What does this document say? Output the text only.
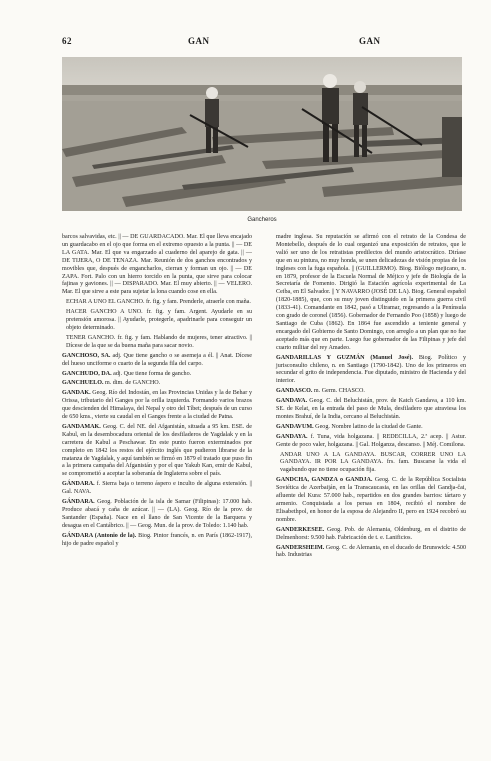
62	GAN	GAN
Gancheros

barcos salvavidas, etc. || — DE GUARDACADO. Mar. El que lleva encajado un guardacabo en el ojo que forma en el extremo opuesto a la punta. || — DE LA GATA. Mar. El que va engarzado al cuaderno del aparejo de gata. || — DE TIJERA, O DE TENAZA. Mar. Reunión de dos ganchos encontrados y movibles que, después de engancharlos, cierran y forman un ojo. || — DE ZAPA. Fort. Palo con un hierro torcido en la punta, que sirve para colocar fajinas y gaviones. || — DISPARADO. Mar. El muy abierto. || — VELERO. Mar. El que sirve a este para sujetar la lona cuando cose en ella.

ECHAR A UNO EL GANCHO. fr. fig. y fam. Prenderle, atraerle con maña.

HACER GANCHO A UNO. fr. fig. y fam. Argent. Ayudarle en su pretensión amorosa. || Ayudarle, protegerle, apadrinarle para conseguir un objeto determinado.

TENER GANCHO. fr. fig. y fam. Hablando de mujeres, tener atractivo. || Dícese de la que se da buena maña para sacar novio.

GANCHOSO, SA. adj. Que tiene gancho o se asemeja a él. || Anat. Dícese del hueso unciforme o cuarto de la segunda fila del carpo.

GANCHUDO, DA. adj. Que tiene forma de gancho.

GANCHUELO. m. dim. de GANCHO.

GANDAK. Geog. Río del Indostán, en las Provincias Unidas y la de Behar y Orissa, tributario del Ganges por la orilla izquierda. Formando varios brazos que descienden del Himalaya, del Nepal y otro del Tíbet; después de un curso de 650 kms., vierte su caudal en el Ganges frente a la ciudad de Patna.

GANDAMAK. Geog. C. del NE. del Afganistán, situada a 95 km. ESE. de Kabul, en la desembocadura oriental de los desfiladeros de Yagdalak y en la carretera de Kabul a Peschawar. En este punto fueron exterminados por completo en 1842 los restos del ejército inglés que pudieron librarse de la matanza de Yagdalak, y aquí también se firmó en 1879 el tratado que puso fin a la primera campaña del Afganistán y por el que Yakub Kan, emir de Kabul, se comprometió a aceptar la soberanía de Inglaterra sobre el país.

GÁNDARA. f. Sierra baja o terreno áspero e inculto de alguna extensión. || Gal. NAVA.

GÁNDARA. Geog. Población de la isla de Samar (Filipinas): 17.000 hab. Produce abacá y caña de azúcar. || — (LA). Geog. Río de la prov. de Santander (España). Nace en el llano de San Vicente de la Barquera y desagua en el Cantábrico. || — Geog. Mun. de la prov. de Toledo: 1.140 hab.

GÁNDARA (Antonio de la). Biog. Pintor francés, n. en París (1862-1917), hijo de padre español y

madre inglesa. Su reputación se afirmó con el retrato de la Condesa de Montebello, después de lo cual organizó una exposición de retratos, que le valió ser uno de los retratistas predilectos del mundo aristocrático. Diríase que en su pintura, no muy honda, se unen delicadezas de visión propias de los ingleses con la fuga española. || (GUILLERMO). Biog. Biólogo mejicano, n. en 1879, profesor de la Escuela Normal de Méjico y jefe de Biología de la Secretaría de Fomento. Dirigió la Estación agrícola experimental de La Ceiba, en El Salvador. || Y NAVARRO (JOSÉ DE LA). Biog. General español (1820-1885), que, con su muy joven distinguido en la primera guerra civil (1833-41). Comandante en 1842, pasó a Ultramar, regresando a la Península con grado de coronel (1856). Gobernador de Fernando Poo (1858) y luego de Santiago de Cuba (1862). En 1864 fue ascendido a teniente general y encargado del Gobierno de Santo Domingo, con arreglo a un plan que no fue aceptado más que en parte. Luego fue gobernador de las Filipinas y jefe del cuarto militar del rey Amadeo.

GANDARILLAS Y GUZMÁN (Manuel José). Biog. Político y jurisconsulto chileno, n. en Santiago (1790-1842). Uno de los primeros en secundar el grito de independencia. Fue diputado, ministro de Hacienda y del interior.

GANDASCO. m. Germ. CHASCO.

GANDAVA. Geog. C. del Beluchistán, prov. de Katch Gandava, a 110 km. SE. de Kelat, en la entrada del paso de Mula, desfiladero que atraviesa los montes Brahuí, de la India, cercano al Beluchistán.

GANDAVUM. Geog. Nombre latino de la ciudad de Gante.

GANDAYA. f. Tuna, vida holgazana. || REDECILLA, 2.ª acep. || Astur. Gente de poco valer, holgazana. || Gal. Holganza, descanso. || Méj. Comilona.

ANDAR UNO A LA GANDAYA. BUSCAR, CORRER UNO LA GANDAYA. IR POR LA GANDAYA. frs. fam. Buscarse la vida el vagabundo que no tiene ocupación fija.

GANDCHA, GANDZA o GANDJA. Geog. C. de la República Socialista Soviética de Azerbaiján, en la Transcaucasia, en las orillas del Gandja-čai, afluente del Kura: 57.000 hab., repartidos en dos grandes barrios: tártaro y armenio. Conquistada a los persas en 1804, recibió el nombre de Elisabethpol, en honor de la esposa de Alejandro II, pero en 1924 recobró su nombre.

GANDERKESEE. Geog. Pob. de Alemania, Oldenburg, en el distrito de Delmenhorst: 9.500 hab. Fabricación de t. e. Lanificios.

GANDERSHEIM. Geog. C. de Alemania, en el ducado de Brunswick: 4.500 hab. Industrias
